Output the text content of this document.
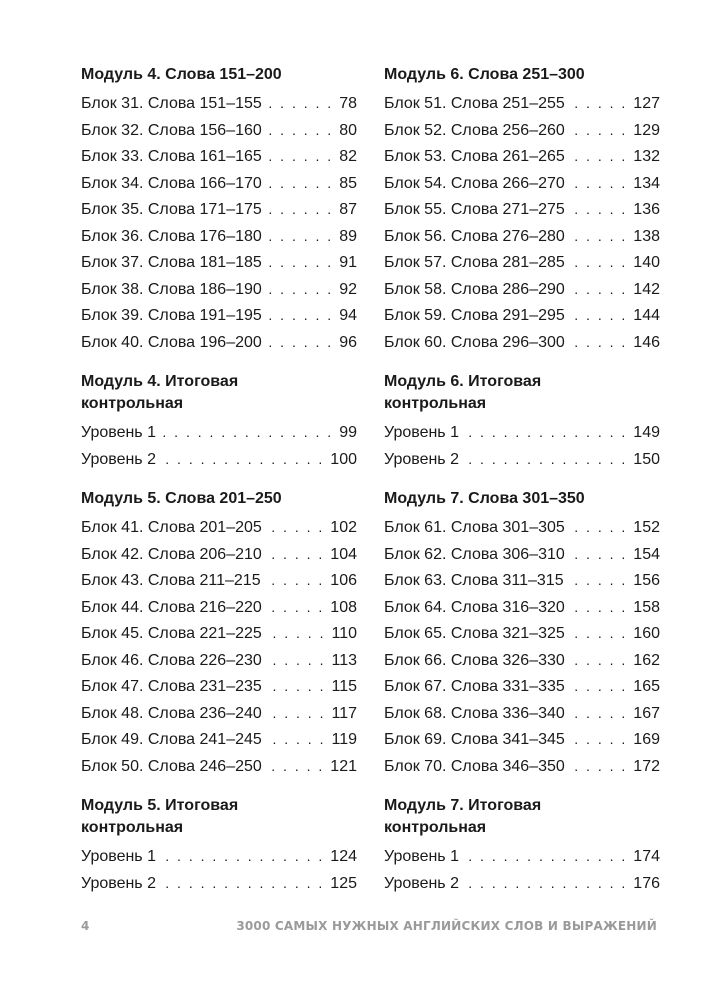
Модуль 4. Слова 151–200
Блок 31. Слова 151–155 . . .	78
Блок 32. Слова 156–160 . . .	80
Блок 33. Слова 161–165 . . .	82
Блок 34. Слова 166–170 . . .	85
Блок 35. Слова 171–175 . . .	87
Блок 36. Слова 176–180 . . .	89
Блок 37. Слова 181–185 . . .	91
Блок 38. Слова 186–190 . . .	92
Блок 39. Слова 191–195 . . .	94
Блок 40. Слова 196–200 . . .	96
Модуль 4. Итоговая
контрольная
Уровень 1 . . .	99
Уровень 2 . . .	100
Модуль 5. Слова 201–250
Блок 41. Слова 201–205 . . .	102
Блок 42. Слова 206–210 . . .	104
Блок 43. Слова 211–215 . . .	106
Блок 44. Слова 216–220 . . .	108
Блок 45. Слова 221–225 . . .	110
Блок 46. Слова 226–230 . . .	113
Блок 47. Слова 231–235 . . .	115
Блок 48. Слова 236–240 . . .	117
Блок 49. Слова 241–245 . . .	119
Блок 50. Слова 246–250 . . .	121
Модуль 5. Итоговая
контрольная
Уровень 1 . . .	124
Уровень 2 . . .	125
Модуль 6. Слова 251–300
Блок 51. Слова 251–255 . . .	127
Блок 52. Слова 256–260 . . .	129
Блок 53. Слова 261–265 . . .	132
Блок 54. Слова 266–270 . . .	134
Блок 55. Слова 271–275 . . .	136
Блок 56. Слова 276–280 . . .	138
Блок 57. Слова 281–285 . . .	140
Блок 58. Слова 286–290 . . .	142
Блок 59. Слова 291–295 . . .	144
Блок 60. Слова 296–300 . . .	146
Модуль 6. Итоговая
контрольная
Уровень 1 . . .	149
Уровень 2 . . .	150
Модуль 7. Слова 301–350
Блок 61. Слова 301–305 . . .	152
Блок 62. Слова 306–310 . . .	154
Блок 63. Слова 311–315 . . .	156
Блок 64. Слова 316–320 . . .	158
Блок 65. Слова 321–325 . . .	160
Блок 66. Слова 326–330 . . .	162
Блок 67. Слова 331–335 . . .	165
Блок 68. Слова 336–340 . . .	167
Блок 69. Слова 341–345 . . .	169
Блок 70. Слова 346–350 . . .	172
Модуль 7. Итоговая
контрольная
Уровень 1 . . .	174
Уровень 2 . . .	176
4	3000 САМЫХ НУЖНЫХ АНГЛИЙСКИХ СЛОВ И ВЫРАЖЕНИЙ
